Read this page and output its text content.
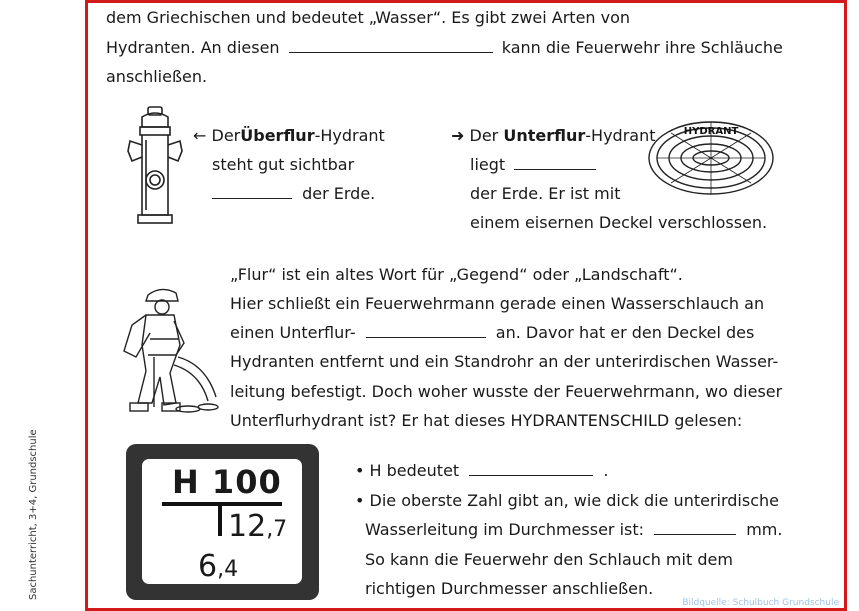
Sachunterricht, 3+4, Grundschule
dem Griechischen und bedeutet „Wasser“. Es gibt zwei Arten von
Hydranten. An diesen	kann die Feuerwehr ihre Schläuche
anschließen.
← DerÜberflur-Hydrant
steht gut sichtbar
der Erde.
➜ Der Unterflur-Hydrant
liegt
der Erde. Er ist mit
einem eisernen Deckel verschlossen.
HYDRANT
„Flur“ ist ein altes Wort für „Gegend“ oder „Landschaft“.
Hier schließt ein Feuerwehrmann gerade einen Wasserschlauch an
einen Unterflur-	an. Davor hat er den Deckel des
Hydranten entfernt und ein Standrohr an der unterirdischen Wasser-
leitung befestigt. Doch woher wusste der Feuerwehrmann, wo dieser
Unterflurhydrant ist? Er hat dieses HYDRANTENSCHILD gelesen:
H 100
12,7
6,4
• H bedeutet	.
• Die oberste Zahl gibt an, wie dick die unterirdische
Wasserleitung im Durchmesser ist:	mm.
So kann die Feuerwehr den Schlauch mit dem
richtigen Durchmesser anschließen.
Bildquelle: Schulbuch Grundschule
